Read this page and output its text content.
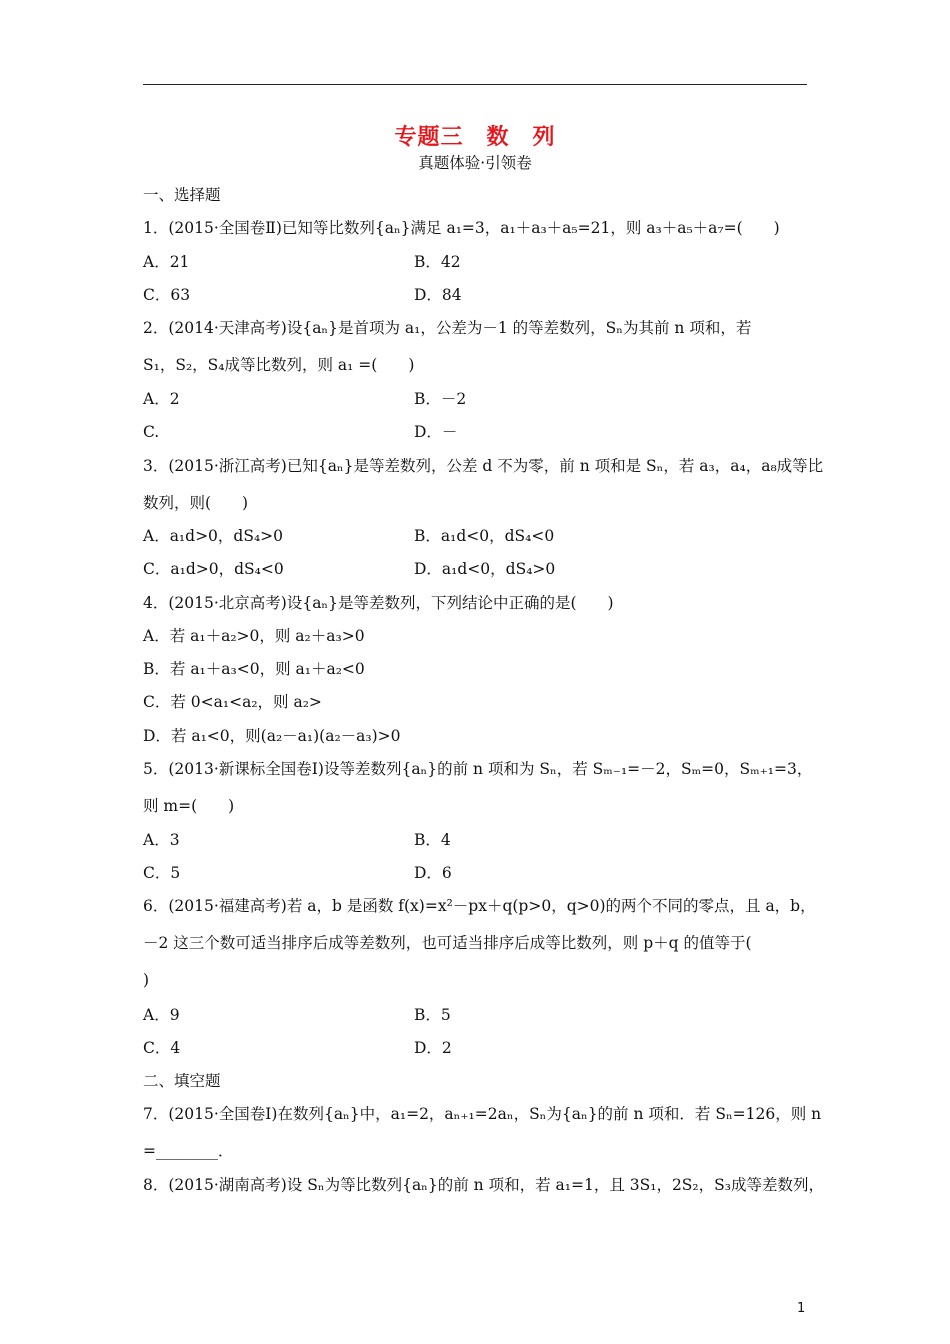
专题三　数　列
真题体验·引领卷
一、选择题
1．(2015·全国卷Ⅱ)已知等比数列{aₙ}满足 a₁=3，a₁＋a₃＋a₅=21，则 a₃＋a₅＋a₇=(　　)
A．21	B．42
C．63	D．84
2．(2014·天津高考)设{aₙ}是首项为 a₁，公差为－1 的等差数列，Sₙ为其前 n 项和，若
S₁，S₂，S₄成等比数列，则 a₁ =(　　)
A．2	B．－2
C.	D．－
3．(2015·浙江高考)已知{aₙ}是等差数列，公差 d 不为零，前 n 项和是 Sₙ，若 a₃，a₄，a₈成等比
数列，则(　　)
A．a₁d>0，dS₄>0	B．a₁d<0，dS₄<0
C．a₁d>0，dS₄<0	D．a₁d<0，dS₄>0
4．(2015·北京高考)设{aₙ}是等差数列，下列结论中正确的是(　　)
A．若 a₁＋a₂>0，则 a₂＋a₃>0
B．若 a₁＋a₃<0，则 a₁＋a₂<0
C．若 0<a₁<a₂，则 a₂>
D．若 a₁<0，则(a₂－a₁)(a₂－a₃)>0
5．(2013·新课标全国卷Ⅰ)设等差数列{aₙ}的前 n 项和为 Sₙ，若 Sₘ₋₁=－2，Sₘ=0，Sₘ₊₁=3，
则 m=(　　)
A．3	B．4
C．5	D．6
6．(2015·福建高考)若 a，b 是函数 f(x)=x²－px＋q(p>0，q>0)的两个不同的零点，且 a，b，
－2 这三个数可适当排序后成等差数列，也可适当排序后成等比数列，则 p＋q 的值等于(
)
A．9	B．5
C．4	D．2
二、填空题
7．(2015·全国卷Ⅰ)在数列{aₙ}中，a₁=2，aₙ₊₁=2aₙ，Sₙ为{aₙ}的前 n 项和．若 Sₙ=126，则 n
=________．
8．(2015·湖南高考)设 Sₙ为等比数列{aₙ}的前 n 项和，若 a₁=1，且 3S₁，2S₂，S₃成等差数列，
1
